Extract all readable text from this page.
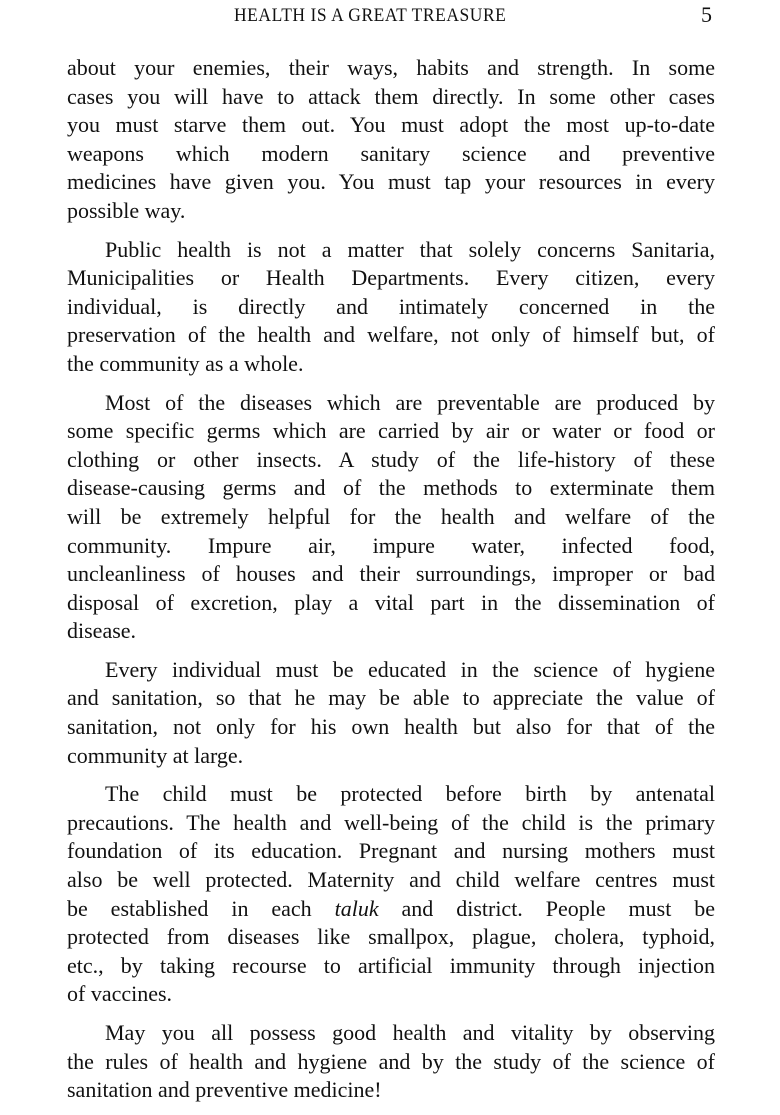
HEALTH IS A GREAT TREASURE	5

about your enemies, their ways, habits and strength. In some
cases you will have to attack them directly. In some other cases
you must starve them out. You must adopt the most up-to-date
weapons which modern sanitary science and preventive
medicines have given you. You must tap your resources in every
possible way.

Public health is not a matter that solely concerns Sanitaria,
Municipalities or Health Departments. Every citizen, every
individual, is directly and intimately concerned in the
preservation of the health and welfare, not only of himself but, of
the community as a whole.

Most of the diseases which are preventable are produced by
some specific germs which are carried by air or water or food or
clothing or other insects. A study of the life-history of these
disease-causing germs and of the methods to exterminate them
will be extremely helpful for the health and welfare of the
community. Impure air, impure water, infected food,
uncleanliness of houses and their surroundings, improper or bad
disposal of excretion, play a vital part in the dissemination of
disease.

Every individual must be educated in the science of hygiene
and sanitation, so that he may be able to appreciate the value of
sanitation, not only for his own health but also for that of the
community at large.

The child must be protected before birth by antenatal
precautions. The health and well-being of the child is the primary
foundation of its education. Pregnant and nursing mothers must
also be well protected. Maternity and child welfare centres must
be established in each taluk and district. People must be
protected from diseases like smallpox, plague, cholera, typhoid,
etc., by taking recourse to artificial immunity through injection
of vaccines.

May you all possess good health and vitality by observing
the rules of health and hygiene and by the study of the science of
sanitation and preventive medicine!
